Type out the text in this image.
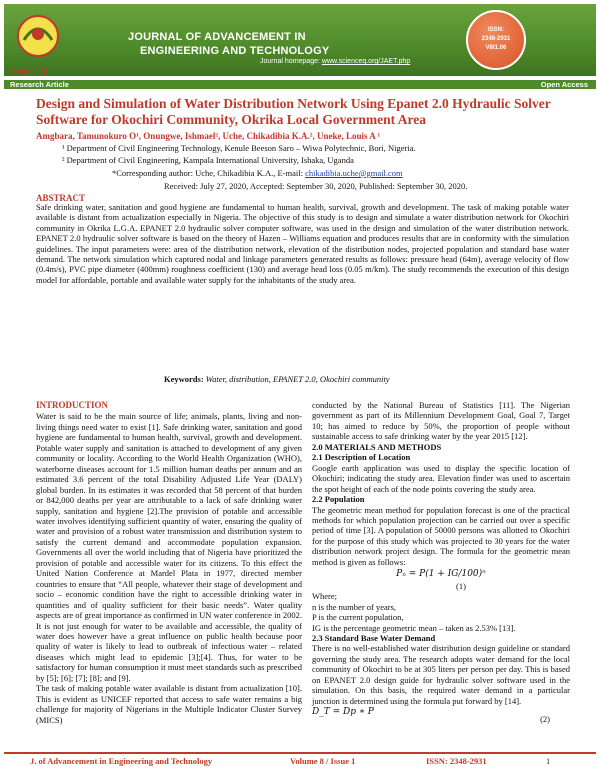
Science Q
JOURNAL OF ADVANCEMENT IN
ENGINEERING AND TECHNOLOGY
Journal homepage: www.scienceq.org/JAET.php
ISSN:
2348-2931
V8I1.06
Research Article	Open Access
Design and Simulation of Water Distribution Network Using Epanet 2.0 Hydraulic Solver Software for Okochiri Community, Okrika Local Government Area
Amgbara, Tamunokuro O¹, Onungwe, Ishmael², Uche, Chikadibia K.A.², Uneke, Louis A ¹
¹ Department of Civil Engineering Technology, Kenule Beeson Saro – Wiwa Polytechnic, Bori, Nigeria.
² Department of Civil Engineering, Kampala International University, Ishaka, Uganda
*Corresponding author: Uche, Chikadibia K.A., E-mail: chikadibia.uche@gmail.com
Received: July 27, 2020, Accepted: September 30, 2020, Published: September 30, 2020.
ABSTRACT
Safe drinking water, sanitation and good hygiene are fundamental to human health, survival, growth and development. The task of making potable water available is distant from actualization especially in Nigeria. The objective of this study is to design and simulate a water distribution network for Okochiri community in Okrika L.G.A. EPANET 2.0 hydraulic solver computer software, was used in the design and simulation of the water distribution network. EPANET 2.0 hydraulic solver software is based on the theory of Hazen – Williams equation and produces results that are in conformity with the simulation guidelines. The input parameters were: area of the distribution network, elevation of the distribution nodes, projected population and standard base water demand. The network simulation which captured nodal and linkage parameters generated results as follows: pressure head (64m), average velocity of flow (0.4m/s), PVC pipe diameter (400mm) roughness coefficient (130) and average head loss (0.05 m/km). The study recommends the execution of this design model for affordable, portable and available water supply for the inhabitants of the study area.
Keywords: Water, distribution, EPANET 2.0, Okochiri community
INTRODUCTION

Water is said to be the main source of life; animals, plants, living and non- living things need water to exist [1]. Safe drinking water, sanitation and good hygiene are fundamental to human health, survival, growth and development. Potable water supply and sanitation is attached to development of any given community or locality. According to the World Health Organization (WHO), waterborne diseases account for 1.5 million human deaths per annum and an estimated 3.6 percent of the total Disability Adjusted Life Year (DALY) global burden. In its estimates it was recorded that 58 percent of that burden or 842,000 deaths per year are attributable to a lack of safe drinking water supply, sanitation and hygiene [2].The provision of potable and accessible water involves identifying sufficient quantity of water, ensuring the quality of water and provision of a robust water transmission and distribution system to satisfy the current demand and accommodate population expansion. Governments all over the world including that of Nigeria have prioritized the provision of potable and accessible water for its citizens. To this effect the United Nation Conference at Mardel Plata in 1977, directed member countries to ensure that “All people, whatever their stage of development and socio – economic condition have the right to accessible drinking water in quantities and of quality sufficient for their basic needs”. Water quality aspects are of great importance as confirmed in UN water conference in 2002. It is not just enough for water to be available and accessible, the quality of water does however have a great influence on public health because poor quality of water is likely to lead to outbreak of infectious water – related diseases which might lead to epidemic [3];[4]. Thus, for water to be satisfactory for human consumption it must meet standards such as prescribed by [5]; [6]; [7]; [8]; and [9].

The task of making potable water available is distant from actualization [10]. This is evident as UNICEF reported that access to safe water remains a big challenge for majority of Nigerians in the Multiple Indicator Cluster Survey (MICS)

conducted by the National Bureau of Statistics [11]. The Nigerian government as part of its Millennium Development Goal, Goal 7, Target 10; has aimed to reduce by 50%, the proportion of people without sustainable access to safe drinking water by the year 2015 [12].

2.0 MATERIALS AND METHODS

2.1 Description of Location

Google earth application was used to display the specific location of Okochiri; indicating the study area. Elevation finder was used to ascertain the spot height of each of the node points covering the study area.

2.2 Population

The geometric mean method for population forecast is one of the practical methods for which population projection can be carried out over a specific period of time [3]. A population of 50000 persons was allotted to Okochiri for the purpose of this study which was projected to 30 years for the water distribution network project design. The formula for the geometric mean method is given as follows:

Pₙ = P(1 + IG/100)ⁿ
(1)

Where;

n is the number of years,

P is the current population,

IG is the percentage geometric mean – taken as 2.53% [13].

2.3 Standard Base Water Demand

There is no well-established water distribution design guideline or standard governing the study area. The research adopts water demand for the local community of Okochiri to be at 305 liters per person per day. This is based on EPANET 2.0 design guide for hydraulic solver software used in the simulation. On this basis, the required water demand in a particular junction is determined using the formula put forward by [14].

D_T = Dp ∗ P
(2)
J. of Advancement in Engineering and Technology	Volume 8 / Issue 1	ISSN: 2348-2931	1
